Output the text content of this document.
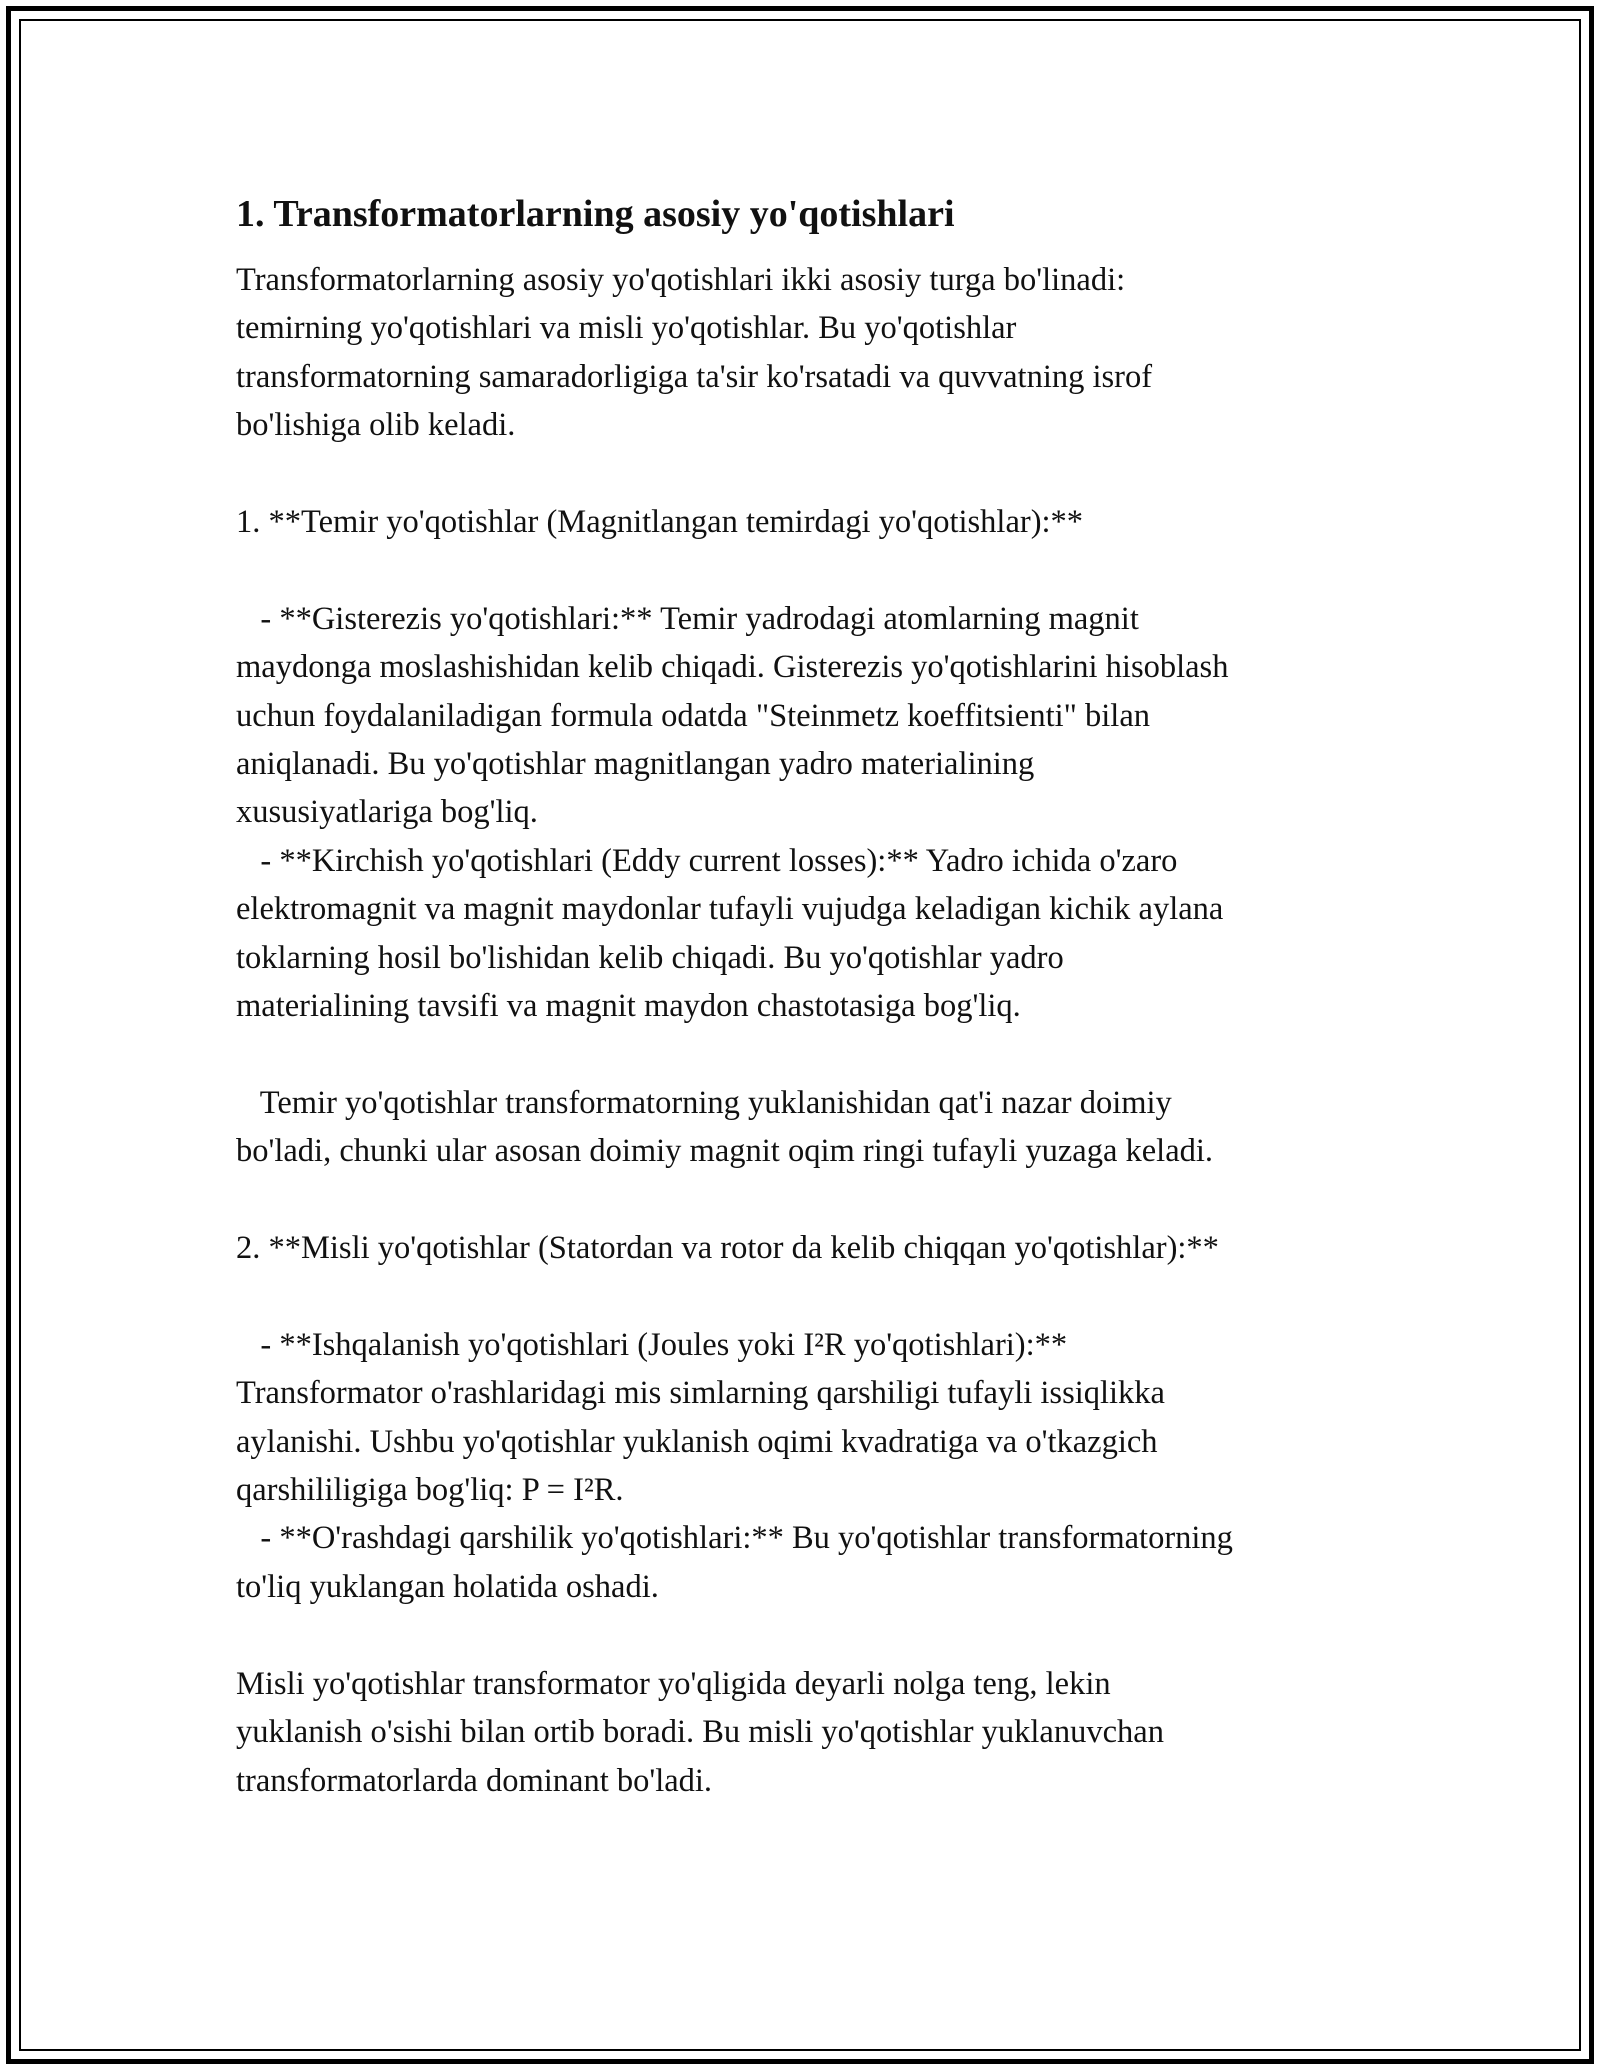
1. Transformatorlarning asosiy yo'qotishlari
Transformatorlarning asosiy yo'qotishlari ikki asosiy turga bo'linadi:
temirning yo'qotishlari va misli yo'qotishlar. Bu yo'qotishlar
transformatorning samaradorligiga ta'sir ko'rsatadi va quvvatning isrof
bo'lishiga olib keladi.
1. **Temir yo'qotishlar (Magnitlangan temirdagi yo'qotishlar):**
- **Gisterezis yo'qotishlari:** Temir yadrodagi atomlarning magnit
maydonga moslashishidan kelib chiqadi. Gisterezis yo'qotishlarini hisoblash
uchun foydalaniladigan formula odatda "Steinmetz koeffitsienti" bilan
aniqlanadi. Bu yo'qotishlar magnitlangan yadro materialining
xususiyatlariga bog'liq.
- **Kirchish yo'qotishlari (Eddy current losses):** Yadro ichida o'zaro
elektromagnit va magnit maydonlar tufayli vujudga keladigan kichik aylana
toklarning hosil bo'lishidan kelib chiqadi. Bu yo'qotishlar yadro
materialining tavsifi va magnit maydon chastotasiga bog'liq.
Temir yo'qotishlar transformatorning yuklanishidan qat'i nazar doimiy
bo'ladi, chunki ular asosan doimiy magnit oqim ringi tufayli yuzaga keladi.
2. **Misli yo'qotishlar (Statordan va rotor da kelib chiqqan yo'qotishlar):**
- **Ishqalanish yo'qotishlari (Joules yoki I²R yo'qotishlari):**
Transformator o'rashlaridagi mis simlarning qarshiligi tufayli issiqlikka
aylanishi. Ushbu yo'qotishlar yuklanish oqimi kvadratiga va o'tkazgich
qarshililigiga bog'liq: P = I²R.
- **O'rashdagi qarshilik yo'qotishlari:** Bu yo'qotishlar transformatorning
to'liq yuklangan holatida oshadi.
Misli yo'qotishlar transformator yo'qligida deyarli nolga teng, lekin
yuklanish o'sishi bilan ortib boradi. Bu misli yo'qotishlar yuklanuvchan
transformatorlarda dominant bo'ladi.
